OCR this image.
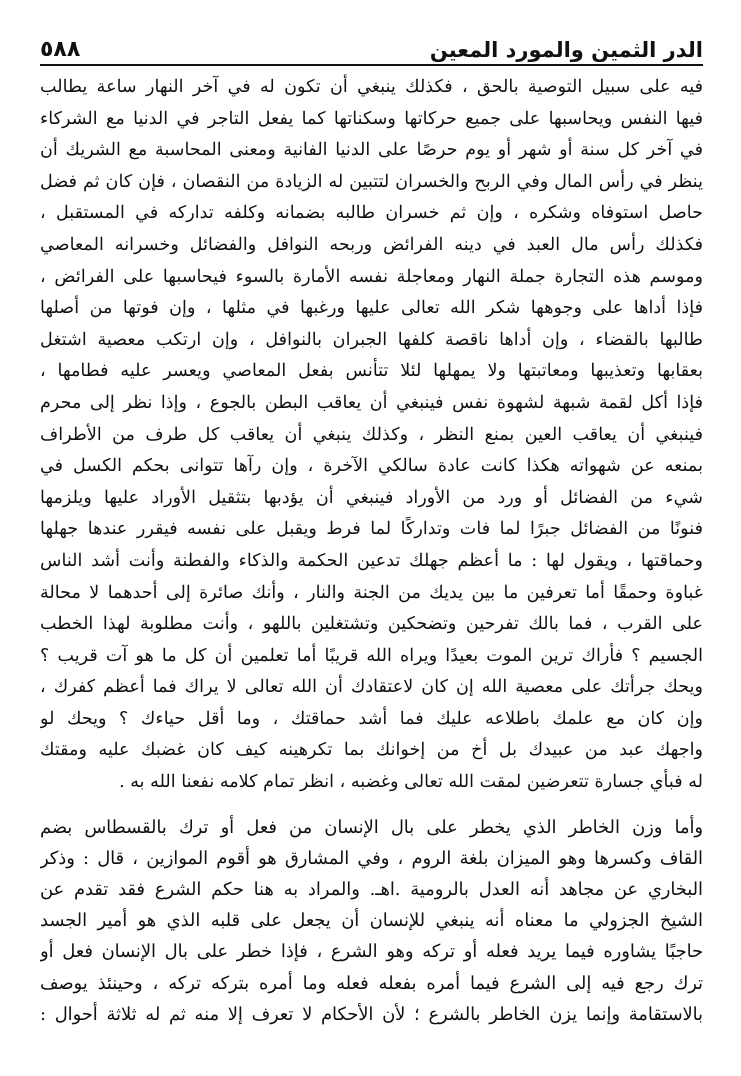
الدر الثمين والمورد المعين
٥٨٨
فيه على سبيل التوصية بالحق ، فكذلك ينبغي أن تكون له في آخر النهار ساعة يطالب
فيها النفس ويحاسبها على جميع حركاتها وسكناتها كما يفعل التاجر في الدنيا مع الشركاء
في آخر كل سنة أو شهر أو يوم حرصًا على الدنيا الفانية ومعنى المحاسبة مع الشريك أن
ينظر في رأس المال وفي الربح والخسران لتتبين له الزيادة من النقصان ، فإن كان ثم فضل
حاصل استوفاه وشكره ، وإن ثم خسران طالبه بضمانه وكلفه تداركه في المستقبل ،
فكذلك رأس مال العبد في دينه الفرائض وربحه النوافل والفضائل وخسرانه المعاصي
وموسم هذه التجارة جملة النهار ومعاجلة نفسه الأمارة بالسوء فيحاسبها على الفرائض ،
فإذا أداها على وجوهها شكر الله تعالى عليها ورغبها في مثلها ، وإن فوتها من أصلها
طالبها بالقضاء ، وإن أداها ناقصة كلفها الجبران بالنوافل ، وإن ارتكب معصية اشتغل
بعقابها وتعذيبها ومعاتبتها ولا يمهلها لئلا تتأنس بفعل المعاصي ويعسر عليه فطامها ،
فإذا أكل لقمة شبهة لشهوة نفس فينبغي أن يعاقب البطن بالجوع ، وإذا نظر إلى محرم
فينبغي أن يعاقب العين بمنع النظر ، وكذلك ينبغي أن يعاقب كل طرف من الأطراف
بمنعه عن شهواته هكذا كانت عادة سالكي الآخرة ، وإن رآها تتوانى بحكم الكسل في
شيء من الفضائل أو ورد من الأوراد فينبغي أن يؤدبها بتثقيل الأوراد عليها ويلزمها
فنونًا من الفضائل جبرًا لما فات وتداركًا لما فرط ويقبل على نفسه فيقرر عندها جهلها
وحماقتها ، ويقول لها : ما أعظم جهلك تدعين الحكمة والذكاء والفطنة وأنت أشد الناس
غباوة وحمقًا أما تعرفين ما بين يديك من الجنة والنار ، وأنك صائرة إلى أحدهما لا محالة
على القرب ، فما بالك تفرحين وتضحكين وتشتغلين باللهو ، وأنت مطلوبة لهذا الخطب
الجسيم ؟ فأراك ترين الموت بعيدًا ويراه الله قريبًا أما تعلمين أن كل ما هو آت قريب ؟
ويحك جرأتك على معصية الله إن كان لاعتقادك أن الله تعالى لا يراك فما أعظم كفرك ،
وإن كان مع علمك باطلاعه عليك فما أشد حماقتك ، وما أقل حياءك ؟ ويحك لو
واجهك عبد من عبيدك بل أخ من إخوانك بما تكرهينه كيف كان غضبك عليه ومقتك
له فبأي جسارة تتعرضين لمقت الله تعالى وغضبه ، انظر تمام كلامه نفعنا الله به .
وأما وزن الخاطر الذي يخطر على بال الإنسان من فعل أو ترك بالقسطاس بضم
القاف وكسرها وهو الميزان بلغة الروم ، وفي المشارق هو أقوم الموازين ، قال : وذكر
البخاري عن مجاهد أنه العدل بالرومية .اهـ. والمراد به هنا حكم الشرع فقد تقدم عن
الشيخ الجزولي ما معناه أنه ينبغي للإنسان أن يجعل على قلبه الذي هو أمير الجسد
حاجبًا يشاوره فيما يريد فعله أو تركه وهو الشرع ، فإذا خطر على بال الإنسان فعل أو
ترك رجع فيه إلى الشرع فيما أمره بفعله فعله وما أمره بتركه تركه ، وحينئذ يوصف
بالاستقامة وإنما يزن الخاطر بالشرع ؛ لأن الأحكام لا تعرف إلا منه ثم له ثلاثة أحوال :
